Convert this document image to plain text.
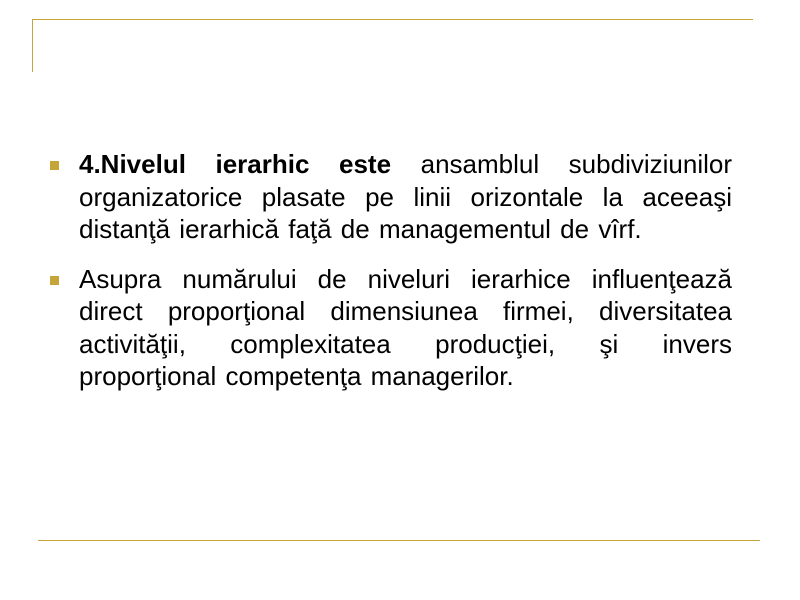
4.Nivelul ierarhic este ansamblul subdiviziunilor organizatorice plasate pe linii orizontale la aceeaşi distanţă ierarhică faţă de managementul de vîrf.
Asupra numărului de niveluri ierarhice influenţează direct proporţional dimensiunea firmei, diversitatea activităţii, complexitatea producţiei, şi invers proporţional competenţa managerilor.
